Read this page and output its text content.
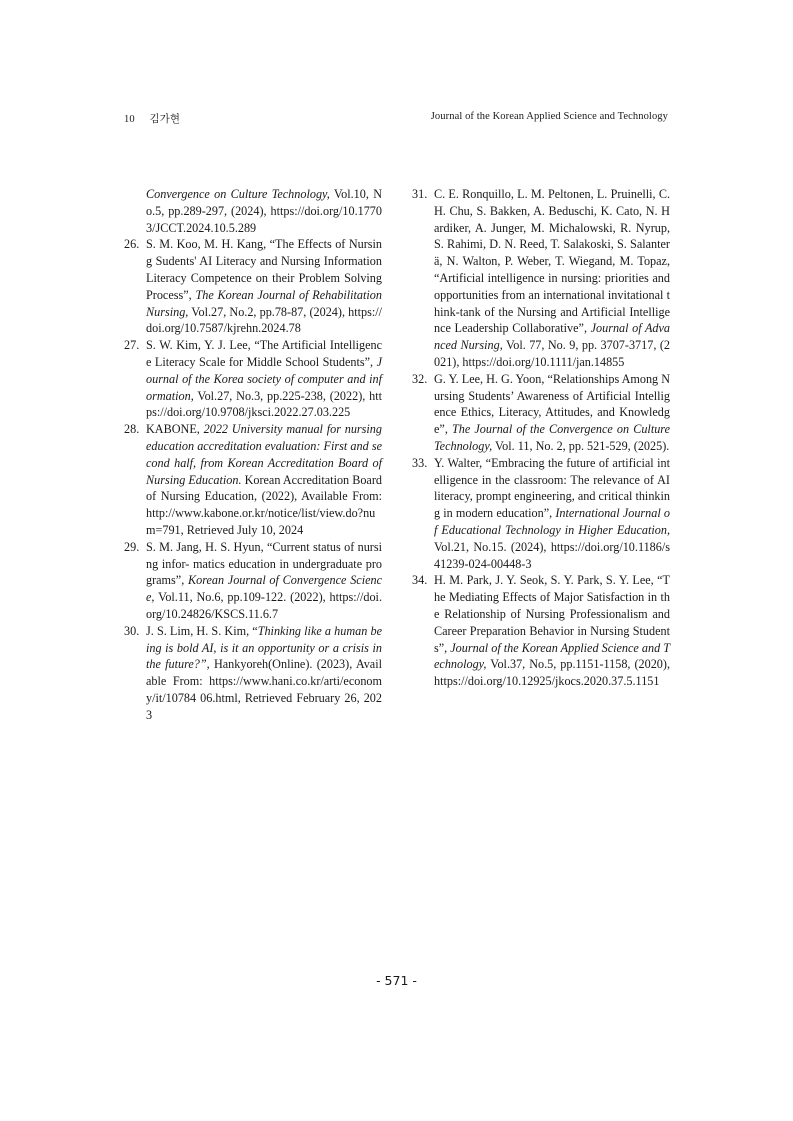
10 김가현	Journal of the Korean Applied Science and Technology
Convergence on Culture Technology, Vol.10, No.5, pp.289-297, (2024), https://doi.org/10.17703/JCCT.2024.10.5.289
26. S. M. Koo, M. H. Kang, “The Effects of Nursing Sudents' AI Literacy and Nursing Information Literacy Competence on their Problem Solving Process”, The Korean Journal of Rehabilitation Nursing, Vol.27, No.2, pp.78-87, (2024), https://doi.org/10.7587/kjrehn.2024.78
27. S. W. Kim, Y. J. Lee, “The Artificial Intelligence Literacy Scale for Middle School Students”, Journal of the Korea society of computer and information, Vol.27, No.3, pp.225-238, (2022), https://doi.org/10.9708/jksci.2022.27.03.225
28. KABONE, 2022 University manual for nursing education accreditation evaluation: First and second half, from Korean Accreditation Board of Nursing Education. Korean Accreditation Board of Nursing Education, (2022), Available From: http://www.kabone.or.kr/notice/list/view.do?num=791, Retrieved July 10, 2024
29. S. M. Jang, H. S. Hyun, “Current status of nursing infor- matics education in undergraduate programs”, Korean Journal of Convergence Science, Vol.11, No.6, pp.109-122. (2022), https://doi.org/10.24826/KSCS.11.6.7
30. J. S. Lim, H. S. Kim, “Thinking like a human being is bold AI, is it an opportunity or a crisis in the future?”, Hankyoreh(Online). (2023), Available From: https://www.hani.co.kr/arti/economy/it/10784 06.html, Retrieved February 26, 2023
31. C. E. Ronquillo, L. M. Peltonen, L. Pruinelli, C. H. Chu, S. Bakken, A. Beduschi, K. Cato, N. Hardiker, A. Junger, M. Michalowski, R. Nyrup, S. Rahimi, D. N. Reed, T. Salakoski, S. Salanterä, N. Walton, P. Weber, T. Wiegand, M. Topaz, “Artificial intelligence in nursing: priorities and opportunities from an international invitational think-tank of the Nursing and Artificial Intelligence Leadership Collaborative”, Journal of Advanced Nursing, Vol. 77, No. 9, pp. 3707-3717, (2021), https://doi.org/10.1111/jan.14855
32. G. Y. Lee, H. G. Yoon, “Relationships Among Nursing Students’ Awareness of Artificial Intelligence Ethics, Literacy, Attitudes, and Knowledge”, The Journal of the Convergence on Culture Technology, Vol. 11, No. 2, pp. 521-529, (2025).
33. Y. Walter, “Embracing the future of artificial intelligence in the classroom: The relevance of AI literacy, prompt engineering, and critical thinking in modern education”, International Journal of Educational Technology in Higher Education, Vol.21, No.15. (2024), https://doi.org/10.1186/s41239-024-00448-3
34. H. M. Park, J. Y. Seok, S. Y. Park, S. Y. Lee, “The Mediating Effects of Major Satisfaction in the Relationship of Nursing Professionalism and Career Preparation Behavior in Nursing Students”, Journal of the Korean Applied Science and Technology, Vol.37, No.5, pp.1151-1158, (2020), https://doi.org/10.12925/jkocs.2020.37.5.1151
- 571 -
